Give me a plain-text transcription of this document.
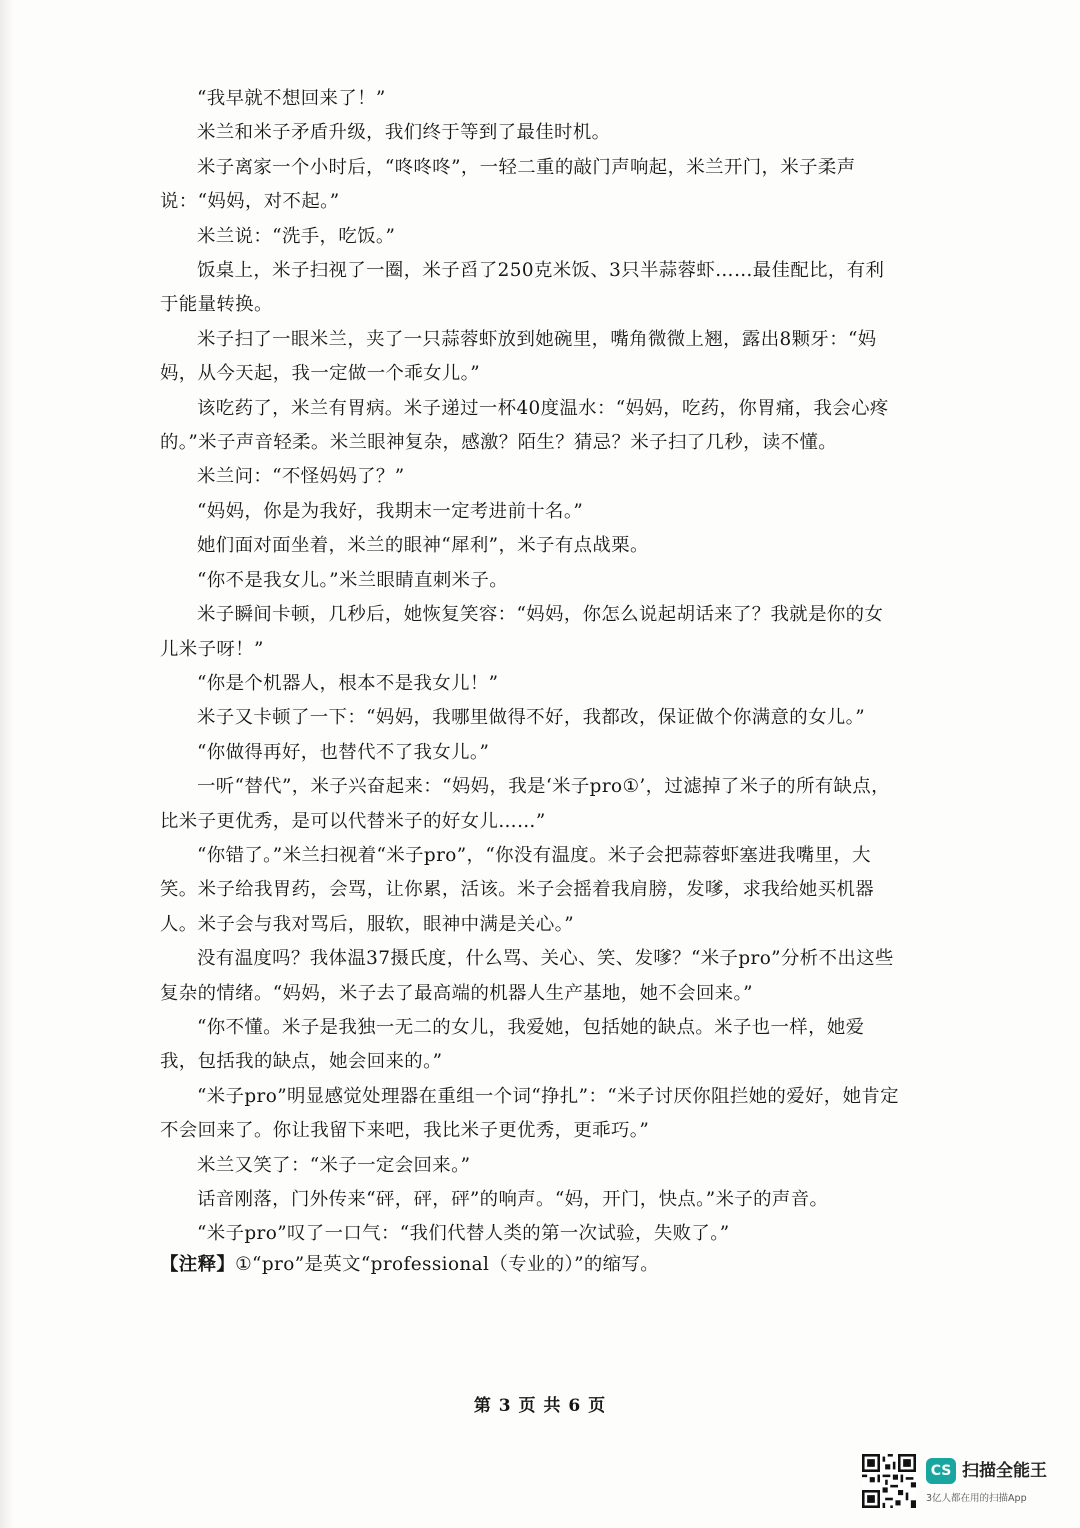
“我早就不想回来了！”

米兰和米子矛盾升级，我们终于等到了最佳时机。

米子离家一个小时后，“咚咚咚”，一轻二重的敲门声响起，米兰开门，米子柔声说：“妈妈，对不起。”

米兰说：“洗手，吃饭。”

饭桌上，米子扫视了一圈，米子舀了250克米饭、3只半蒜蓉虾……最佳配比，有利于能量转换。

米子扫了一眼米兰，夹了一只蒜蓉虾放到她碗里，嘴角微微上翘，露出8颗牙：“妈妈，从今天起，我一定做一个乖女儿。”

该吃药了，米兰有胃病。米子递过一杯40度温水：“妈妈，吃药，你胃痛，我会心疼的。”米子声音轻柔。米兰眼神复杂，感激？陌生？猜忌？米子扫了几秒，读不懂。

米兰问：“不怪妈妈了？”

“妈妈，你是为我好，我期末一定考进前十名。”

她们面对面坐着，米兰的眼神“犀利”，米子有点战栗。

“你不是我女儿。”米兰眼睛直刺米子。

米子瞬间卡顿，几秒后，她恢复笑容：“妈妈，你怎么说起胡话来了？我就是你的女儿米子呀！”

“你是个机器人，根本不是我女儿！”

米子又卡顿了一下：“妈妈，我哪里做得不好，我都改，保证做个你满意的女儿。”

“你做得再好，也替代不了我女儿。”

一听“替代”，米子兴奋起来：“妈妈，我是‘米子pro①’，过滤掉了米子的所有缺点，比米子更优秀，是可以代替米子的好女儿……”

“你错了。”米兰扫视着“米子pro”，“你没有温度。米子会把蒜蓉虾塞进我嘴里，大笑。米子给我胃药，会骂，让你累，活该。米子会摇着我肩膀，发嗲，求我给她买机器人。米子会与我对骂后，服软，眼神中满是关心。”

没有温度吗？我体温37摄氏度，什么骂、关心、笑、发嗲？“米子pro”分析不出这些复杂的情绪。“妈妈，米子去了最高端的机器人生产基地，她不会回来。”

“你不懂。米子是我独一无二的女儿，我爱她，包括她的缺点。米子也一样，她爱我，包括我的缺点，她会回来的。”

“米子pro”明显感觉处理器在重组一个词“挣扎”：“米子讨厌你阻拦她的爱好，她肯定不会回来了。你让我留下来吧，我比米子更优秀，更乖巧。”

米兰又笑了：“米子一定会回来。”

话音刚落，门外传来“砰，砰，砰”的响声。“妈，开门，快点。”米子的声音。

“米子pro”叹了一口气：“我们代替人类的第一次试验，失败了。”

【注释】①“pro”是英文“professional（专业的）”的缩写。

第 3 页 共 6 页
CS 扫描全能王
3亿人都在用的扫描App
